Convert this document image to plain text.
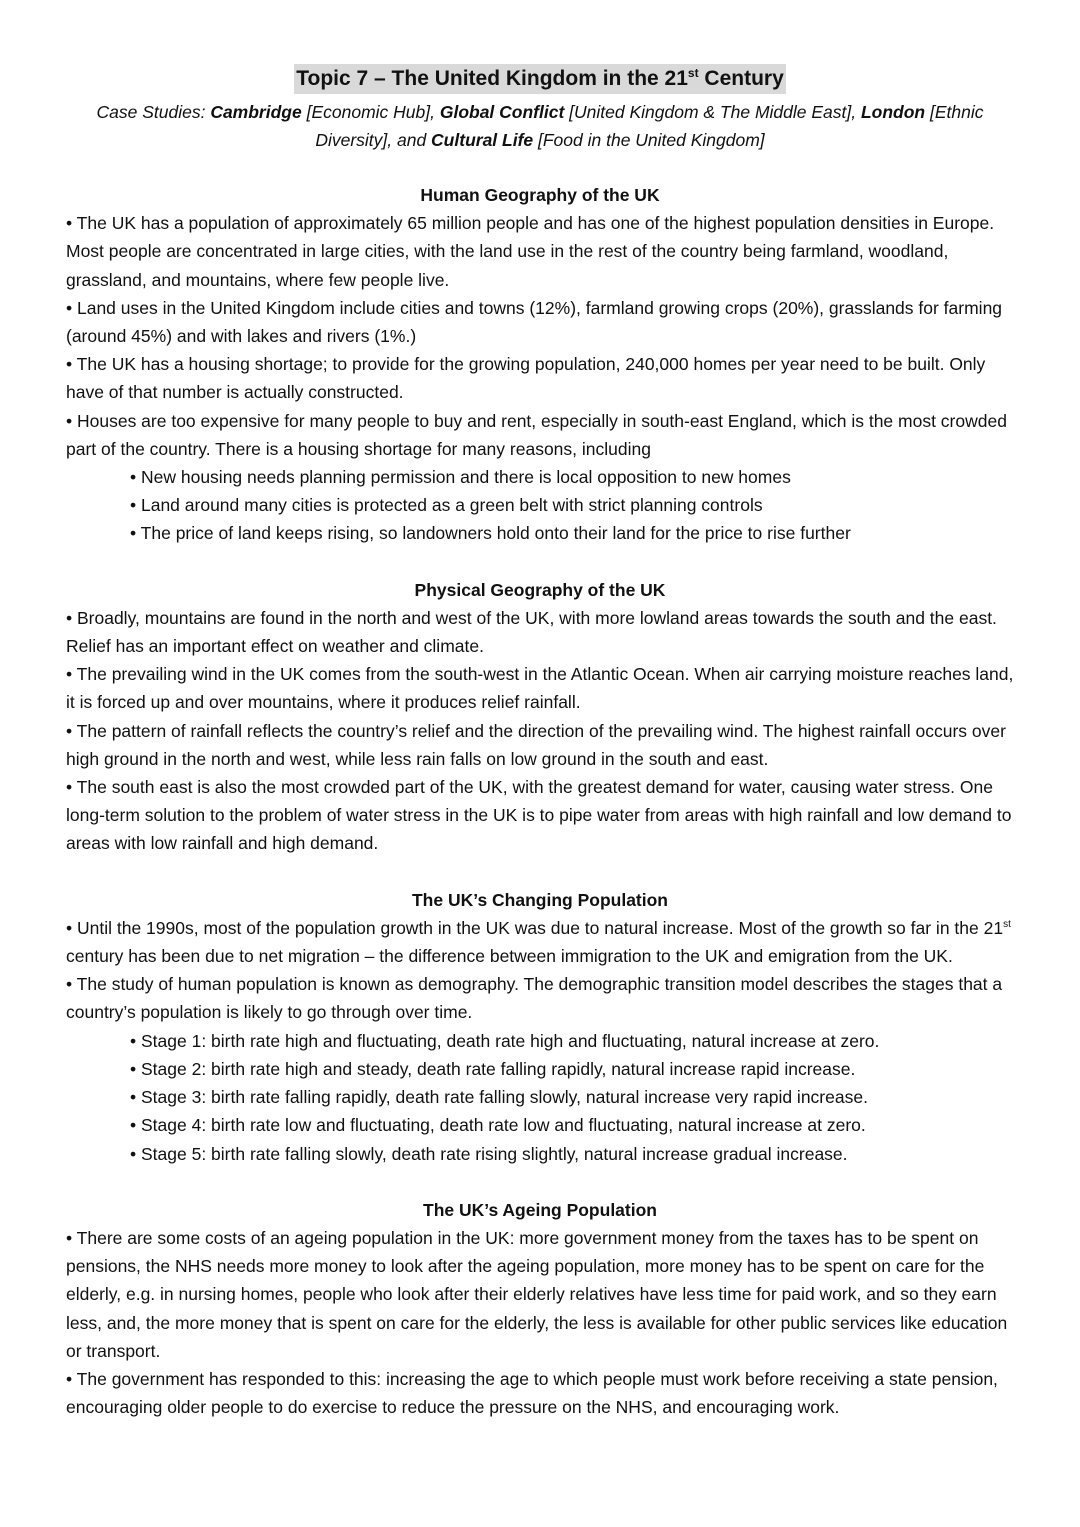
Topic 7 – The United Kingdom in the 21st Century
Case Studies: Cambridge [Economic Hub], Global Conflict [United Kingdom & The Middle East], London [Ethnic Diversity], and Cultural Life [Food in the United Kingdom]

Human Geography of the UK

• The UK has a population of approximately 65 million people and has one of the highest population densities in Europe. Most people are concentrated in large cities, with the land use in the rest of the country being farmland, woodland, grassland, and mountains, where few people live.

• Land uses in the United Kingdom include cities and towns (12%), farmland growing crops (20%), grasslands for farming (around 45%) and with lakes and rivers (1%.)

• The UK has a housing shortage; to provide for the growing population, 240,000 homes per year need to be built. Only have of that number is actually constructed.

• Houses are too expensive for many people to buy and rent, especially in south-east England, which is the most crowded part of the country. There is a housing shortage for many reasons, including

• New housing needs planning permission and there is local opposition to new homes
• Land around many cities is protected as a green belt with strict planning controls
• The price of land keeps rising, so landowners hold onto their land for the price to rise further

Physical Geography of the UK

• Broadly, mountains are found in the north and west of the UK, with more lowland areas towards the south and the east. Relief has an important effect on weather and climate.

• The prevailing wind in the UK comes from the south-west in the Atlantic Ocean. When air carrying moisture reaches land, it is forced up and over mountains, where it produces relief rainfall.

• The pattern of rainfall reflects the country’s relief and the direction of the prevailing wind. The highest rainfall occurs over high ground in the north and west, while less rain falls on low ground in the south and east.

• The south east is also the most crowded part of the UK, with the greatest demand for water, causing water stress. One long-term solution to the problem of water stress in the UK is to pipe water from areas with high rainfall and low demand to areas with low rainfall and high demand.

The UK’s Changing Population

• Until the 1990s, most of the population growth in the UK was due to natural increase. Most of the growth so far in the 21st century has been due to net migration – the difference between immigration to the UK and emigration from the UK.

• The study of human population is known as demography. The demographic transition model describes the stages that a country’s population is likely to go through over time.

• Stage 1: birth rate high and fluctuating, death rate high and fluctuating, natural increase at zero.
• Stage 2: birth rate high and steady, death rate falling rapidly, natural increase rapid increase.
• Stage 3: birth rate falling rapidly, death rate falling slowly, natural increase very rapid increase.
• Stage 4: birth rate low and fluctuating, death rate low and fluctuating, natural increase at zero.
• Stage 5: birth rate falling slowly, death rate rising slightly, natural increase gradual increase.

The UK’s Ageing Population

• There are some costs of an ageing population in the UK: more government money from the taxes has to be spent on pensions, the NHS needs more money to look after the ageing population, more money has to be spent on care for the elderly, e.g. in nursing homes, people who look after their elderly relatives have less time for paid work, and so they earn less, and, the more money that is spent on care for the elderly, the less is available for other public services like education or transport.

• The government has responded to this: increasing the age to which people must work before receiving a state pension, encouraging older people to do exercise to reduce the pressure on the NHS, and encouraging work.
